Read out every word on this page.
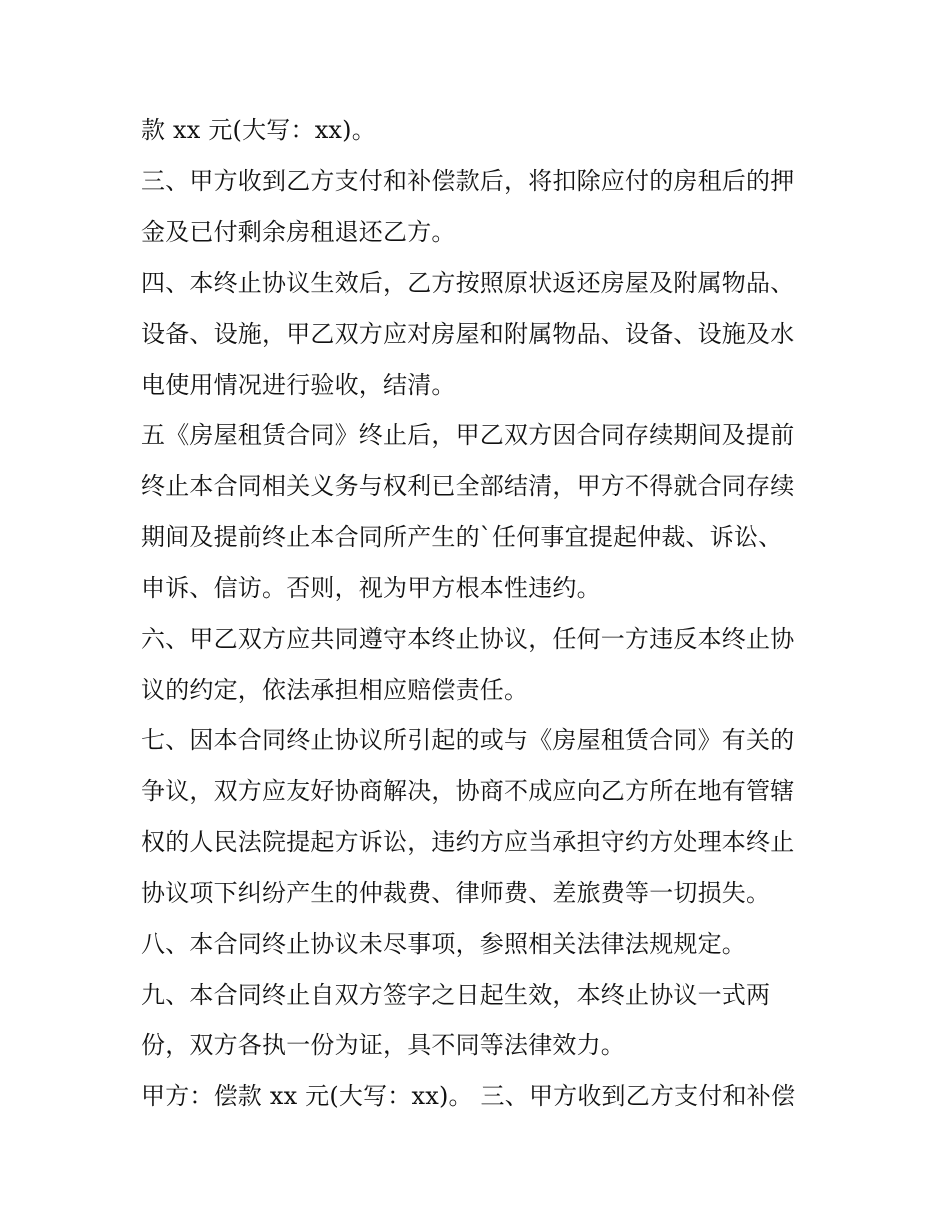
款 xx 元(大写：xx)。
三、甲方收到乙方支付和补偿款后，将扣除应付的房租后的押
金及已付剩余房租退还乙方。
四、本终止协议生效后，乙方按照原状返还房屋及附属物品、
设备、设施，甲乙双方应对房屋和附属物品、设备、设施及水
电使用情况进行验收，结清。
五《房屋租赁合同》终止后，甲乙双方因合同存续期间及提前
终止本合同相关义务与权利已全部结清，甲方不得就合同存续
期间及提前终止本合同所产生的`任何事宜提起仲裁、诉讼、
申诉、信访。否则，视为甲方根本性违约。
六、甲乙双方应共同遵守本终止协议，任何一方违反本终止协
议的约定，依法承担相应赔偿责任。
七、因本合同终止协议所引起的或与《房屋租赁合同》有关的
争议，双方应友好协商解决，协商不成应向乙方所在地有管辖
权的人民法院提起方诉讼，违约方应当承担守约方处理本终止
协议项下纠纷产生的仲裁费、律师费、差旅费等一切损失。
八、本合同终止协议未尽事项，参照相关法律法规规定。
九、本合同终止自双方签字之日起生效，本终止协议一式两
份，双方各执一份为证，具不同等法律效力。
甲方：偿款 xx 元(大写：xx)。 三、甲方收到乙方支付和补偿
